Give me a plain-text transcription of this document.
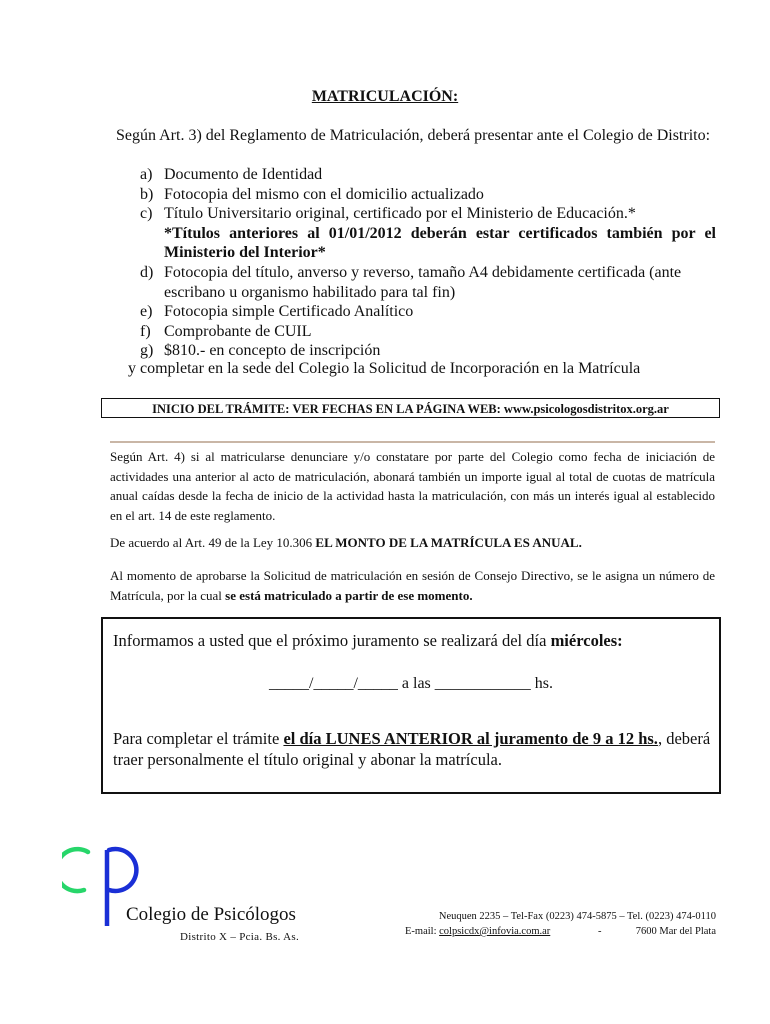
MATRICULACIÓN:
Según Art. 3) del Reglamento de Matriculación, deberá presentar ante el Colegio de Distrito:
a) Documento de Identidad
b) Fotocopia del mismo con el domicilio actualizado
c) Título Universitario original, certificado por el Ministerio de Educación.*
*Títulos anteriores al 01/01/2012 deberán estar certificados también por el Ministerio del Interior*
d) Fotocopia del título, anverso y reverso, tamaño A4 debidamente certificada (ante escribano u organismo habilitado para tal fin)
e) Fotocopia simple Certificado Analítico
f) Comprobante de CUIL
g) $810.- en concepto de inscripción
y completar en la sede del Colegio la Solicitud de Incorporación en la Matrícula
INICIO DEL TRÁMITE: VER FECHAS EN LA PÁGINA WEB: www.psicologosdistritox.org.ar
Según Art. 4) si al matricularse denunciare y/o constatare por parte del Colegio como fecha de iniciación de actividades una anterior al acto de matriculación, abonará también un importe igual al total de cuotas de matrícula anual caídas desde la fecha de inicio de la actividad hasta la matriculación, con más un interés igual al establecido en el art. 14 de este reglamento.
De acuerdo al Art. 49 de la Ley 10.306 EL MONTO DE LA MATRÍCULA ES ANUAL.
Al momento de aprobarse la Solicitud de matriculación en sesión de Consejo Directivo, se le asigna un número de Matrícula, por la cual se está matriculado a partir de ese momento.
Informamos a usted que el próximo juramento se realizará del día miércoles:
_____/_____/_____ a las ____________ hs.
Para completar el trámite el día LUNES ANTERIOR al juramento de 9 a 12 hs., deberá traer personalmente el título original y abonar la matrícula.
Colegio de Psicólogos
Distrito X – Pcia. Bs. As.
Neuquen 2235 – Tel-Fax (0223) 474-5875 – Tel. (0223) 474-0110
E-mail: colpsicdx@infovia.com.ar	-	7600 Mar del Plata
